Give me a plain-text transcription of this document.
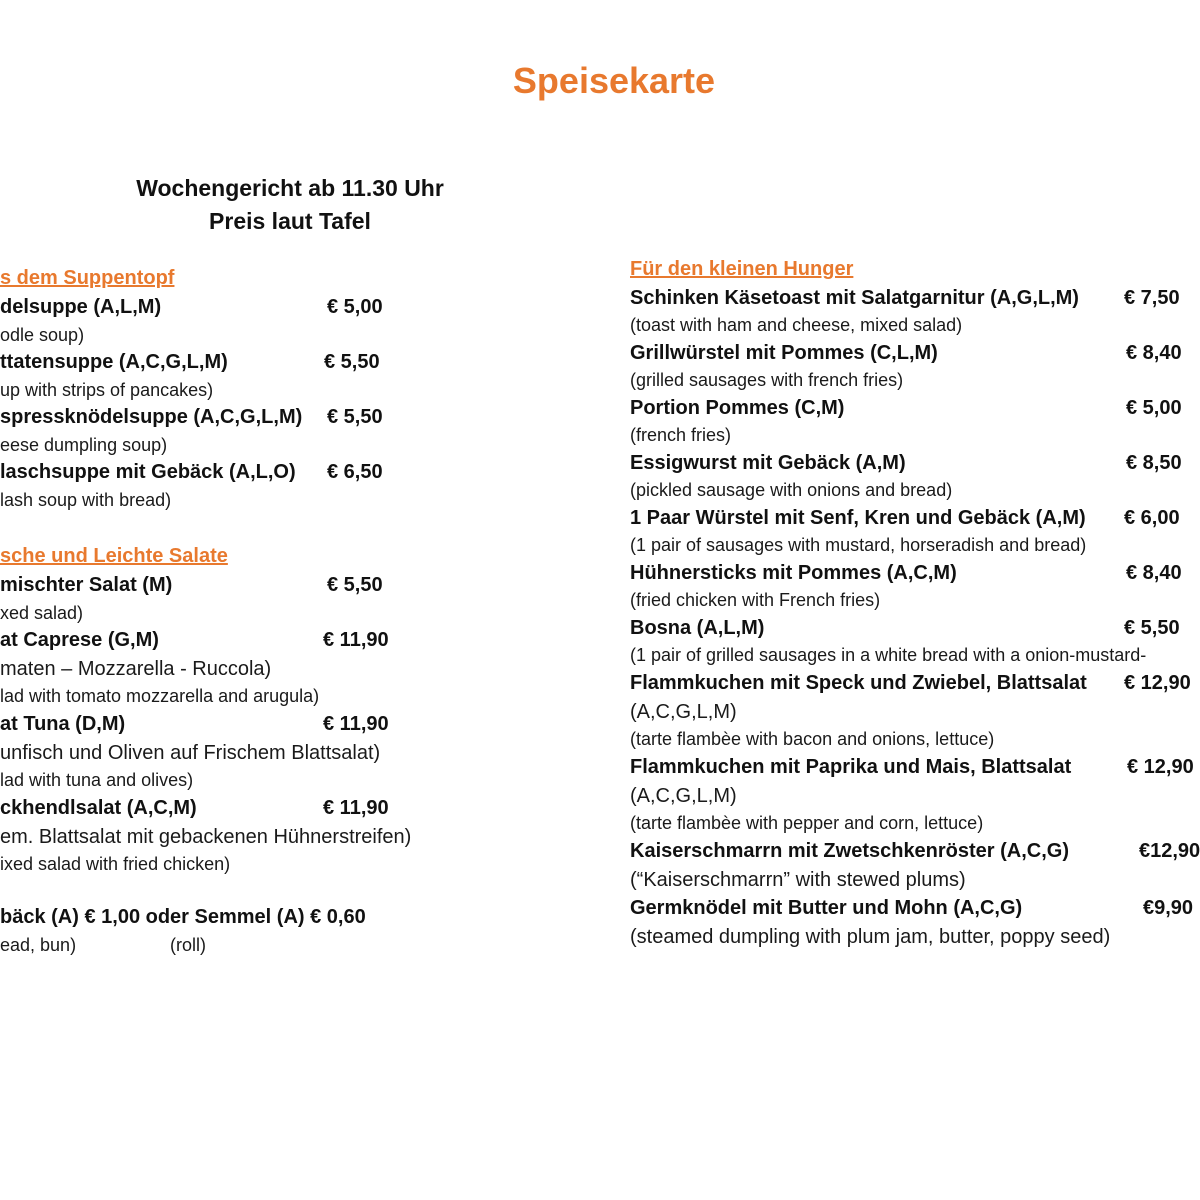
Speisekarte
Wochengericht ab 11.30 Uhr
Preis laut Tafel
s dem Suppentopf
delsuppe (A,L,M)	€ 5,00
odle soup)
ttatensuppe (A,C,G,L,M)	€ 5,50
up with strips of pancakes)
spressknödelsuppe (A,C,G,L,M) € 5,50
eese dumpling soup)
laschsuppe mit Gebäck (A,L,O) € 6,50
lash soup with bread)
sche und Leichte Salate
mischter Salat (M)	€ 5,50
xed salad)
at Caprese (G,M)	€ 11,90
maten – Mozzarella - Ruccola)
lad with tomato mozzarella and arugula)
at Tuna (D,M)	€ 11,90
unfisch und Oliven auf Frischem Blattsalat)
lad with tuna and olives)
ckhendlsalat (A,C,M)	€ 11,90
em. Blattsalat mit gebackenen Hühnerstreifen)
ixed salad with fried chicken)
bäck (A) € 1,00 oder Semmel (A) € 0,60
ead, bun)	(roll)
Für den kleinen Hunger
Schinken Käsetoast mit Salatgarnitur (A,G,L,M) € 7,50
(toast with ham and cheese, mixed salad)
Grillwürstel mit Pommes (C,L,M)	€ 8,40
(grilled sausages with french fries)
Portion Pommes (C,M)	€ 5,00
(french fries)
Essigwurst mit Gebäck (A,M)	€ 8,50
(pickled sausage with onions and bread)
1 Paar Würstel mit Senf, Kren und Gebäck (A,M) € 6,00
(1 pair of sausages with mustard, horseradish and bread)
Hühnersticks mit Pommes (A,C,M)	€ 8,40
(fried chicken with French fries)
Bosna (A,L,M)	€ 5,50
(1 pair of grilled sausages in a white bread with a onion-mustard-
Flammkuchen mit Speck und Zwiebel, Blattsalat € 12,90
(A,C,G,L,M)
(tarte flambèe with bacon and onions, lettuce)
Flammkuchen mit Paprika und Mais, Blattsalat	€ 12,90
(A,C,G,L,M)
(tarte flambèe with pepper and corn, lettuce)
Kaiserschmarrn mit Zwetschkenröster (A,C,G)	€12,90
(“Kaiserschmarrn” with stewed plums)
Germknödel mit Butter und Mohn (A,C,G)	€9,90
(steamed dumpling with plum jam, butter, poppy seed)
